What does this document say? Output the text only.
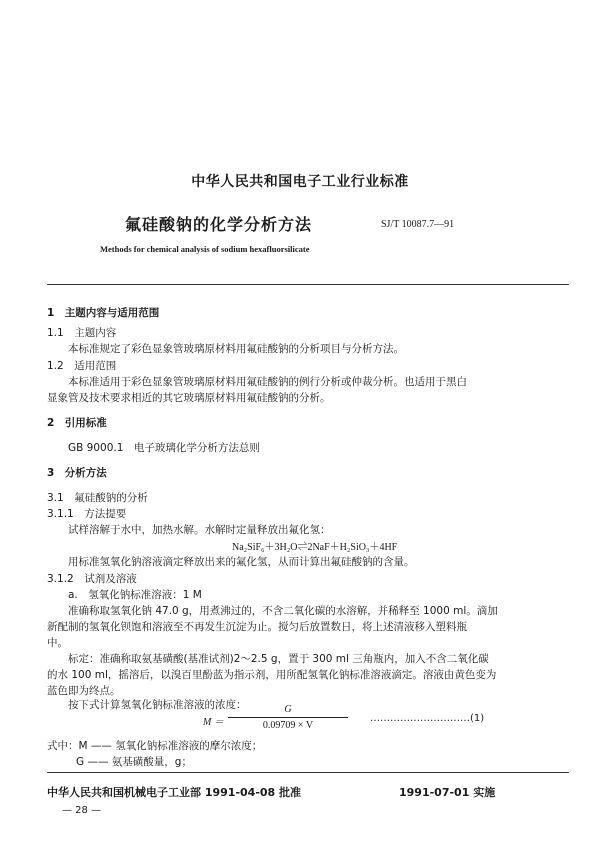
中华人民共和国电子工业行业标准
氟硅酸钠的化学分析方法	SJ/T 10087.7—91
Methods for chemical analysis of sodium hexafluorsilicate
1　主题内容与适用范围
1.1　主题内容
本标准规定了彩色显象管玻璃原材料用氟硅酸钠的分析项目与分析方法。
1.2　适用范围
本标准适用于彩色显象管玻璃原材料用氟硅酸钠的例行分析或仲裁分析。也适用于黑白
显象管及技术要求相近的其它玻璃原材料用氟硅酸钠的分析。
2　引用标准
GB 9000.1　电子玻璃化学分析方法总则
3　分析方法
3.1　氟硅酸钠的分析
3.1.1　方法提要
试样溶解于水中，加热水解。水解时定量释放出氟化氢：
Na₂SiF₆＋3H₂O⇌2NaF＋H₂SiO₃＋4HF
用标准氢氧化钠溶液滴定释放出来的氟化氢，从而计算出氟硅酸钠的含量。
3.1.2　试剂及溶液
a.　氢氧化钠标准溶液：1 M
准确称取氢氧化钠 47.0 g，用煮沸过的，不含二氧化碳的水溶解，并稀释至 1000 ml。滴加
新配制的氢氧化钡饱和溶液至不再发生沉淀为止。搅匀后放置数日，将上述清液移入塑料瓶
中。
标定：准确称取氨基磺酸(基准试剂)2～2.5 g，置于 300 ml 三角瓶内，加入不含二氧化碳
的水 100 ml，摇溶后，以溴百里酚蓝为指示剂，用所配氢氧化钠标准溶液滴定。溶液由黄色变为
蓝色即为终点。
按下式计算氢氧化钠标准溶液的浓度：
M ＝
G
0.09709 × V
…………………………(1)
式中：M —— 氢氧化钠标准溶液的摩尔浓度；
G —— 氨基磺酸量，g；
中华人民共和国机械电子工业部 1991-04-08 批准	1991-07-01 实施
— 28 —
